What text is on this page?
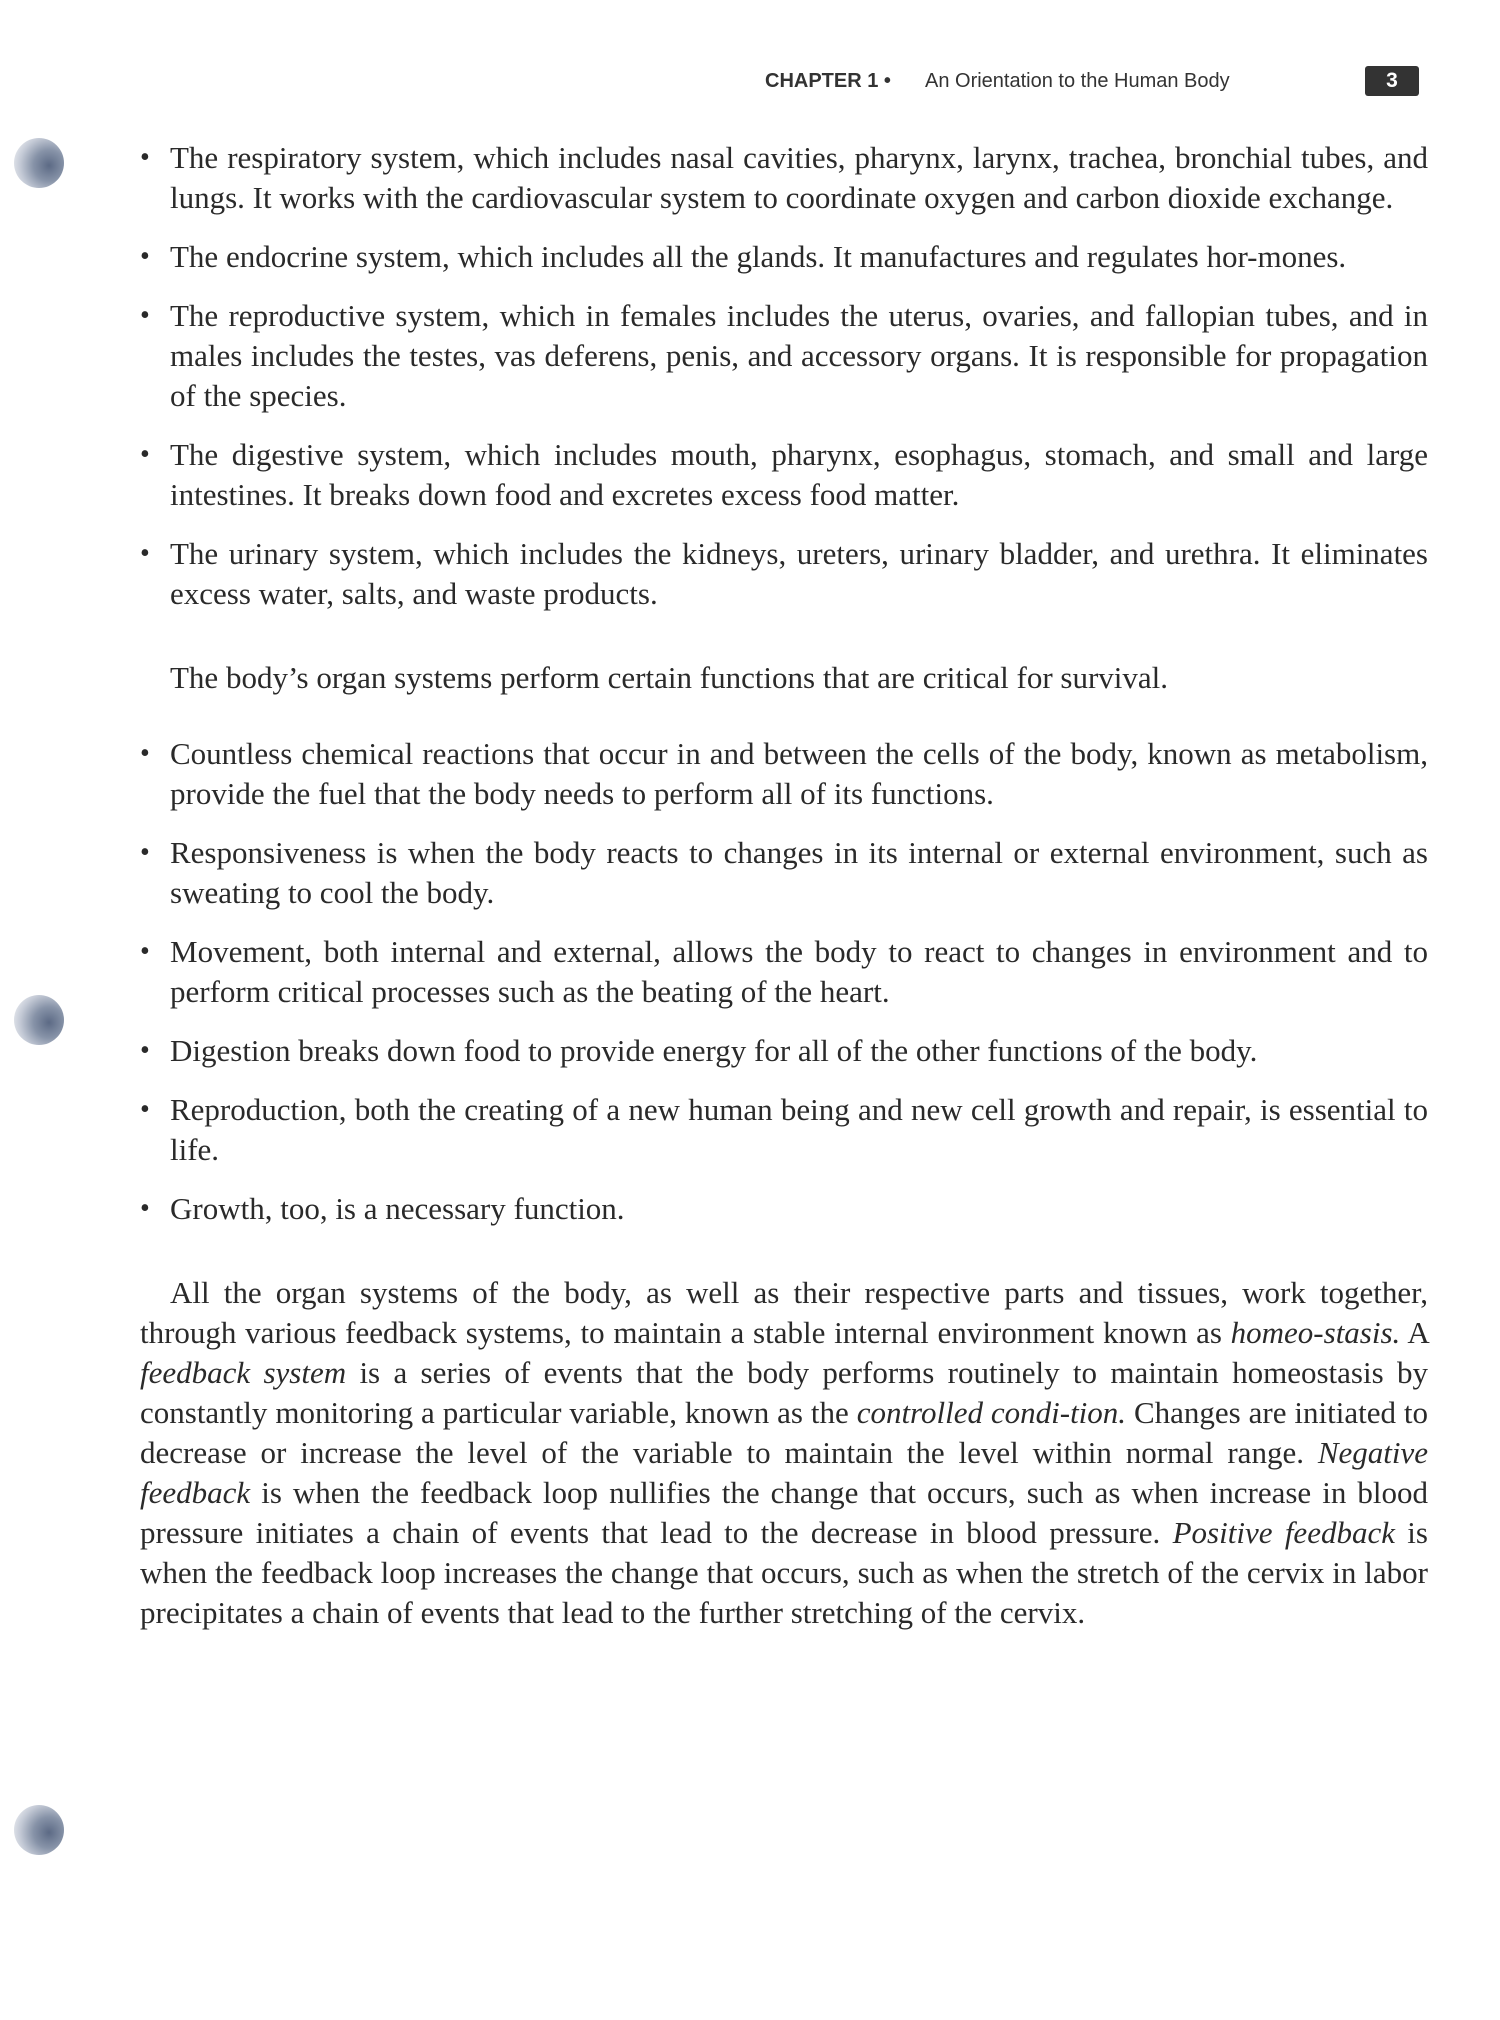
CHAPTER 1 • An Orientation to the Human Body	3
• The respiratory system, which includes nasal cavities, pharynx, larynx, trachea, bronchial tubes, and lungs. It works with the cardiovascular system to coordinate oxygen and carbon dioxide exchange.
• The endocrine system, which includes all the glands. It manufactures and regulates hor-mones.
• The reproductive system, which in females includes the uterus, ovaries, and fallopian tubes, and in males includes the testes, vas deferens, penis, and accessory organs. It is responsible for propagation of the species.
• The digestive system, which includes mouth, pharynx, esophagus, stomach, and small and large intestines. It breaks down food and excretes excess food matter.
• The urinary system, which includes the kidneys, ureters, urinary bladder, and urethra. It eliminates excess water, salts, and waste products.

The body’s organ systems perform certain functions that are critical for survival.

• Countless chemical reactions that occur in and between the cells of the body, known as metabolism, provide the fuel that the body needs to perform all of its functions.
• Responsiveness is when the body reacts to changes in its internal or external environment, such as sweating to cool the body.
• Movement, both internal and external, allows the body to react to changes in environment and to perform critical processes such as the beating of the heart.
• Digestion breaks down food to provide energy for all of the other functions of the body.
• Reproduction, both the creating of a new human being and new cell growth and repair, is essential to life.
• Growth, too, is a necessary function.

All the organ systems of the body, as well as their respective parts and tissues, work together, through various feedback systems, to maintain a stable internal environment known as homeo-stasis. A feedback system is a series of events that the body performs routinely to maintain homeostasis by constantly monitoring a particular variable, known as the controlled condi-tion. Changes are initiated to decrease or increase the level of the variable to maintain the level within normal range. Negative feedback is when the feedback loop nullifies the change that occurs, such as when increase in blood pressure initiates a chain of events that lead to the decrease in blood pressure. Positive feedback is when the feedback loop increases the change that occurs, such as when the stretch of the cervix in labor precipitates a chain of events that lead to the further stretching of the cervix.
